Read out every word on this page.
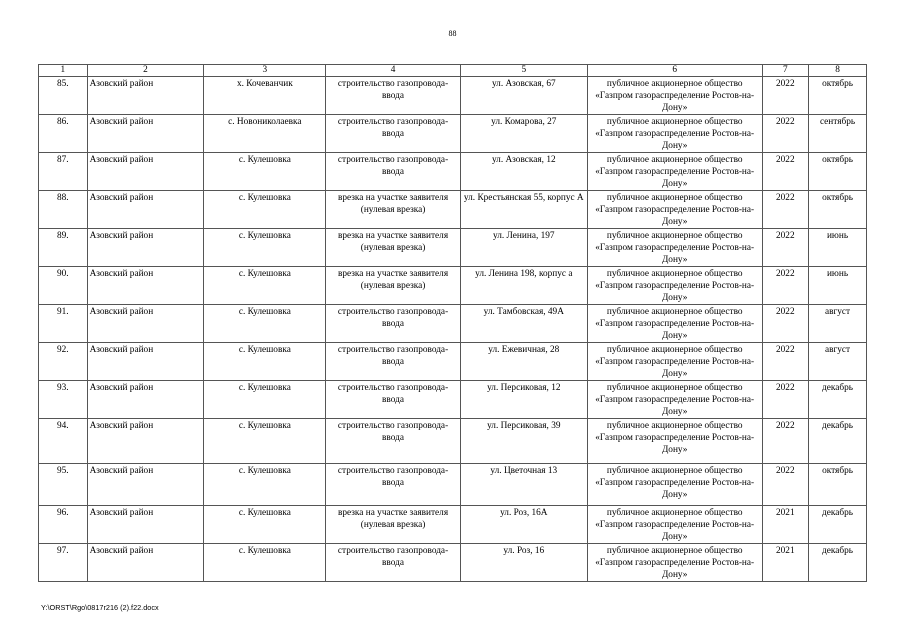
88
1	2	3	4	5	6	7	8
85.	Азовский район	х. Кочеванчик	строительство газопровода-ввода	ул. Азовская, 67	публичное акционерное общество «Газпром газораспределение Ростов-на-Дону»	2022	октябрь
86.	Азовский район	с. Новониколаевка	строительство газопровода-ввода	ул. Комарова, 27	публичное акционерное общество «Газпром газораспределение Ростов-на-Дону»	2022	сентябрь
87.	Азовский район	с. Кулешовка	строительство газопровода-ввода	ул. Азовская, 12	публичное акционерное общество «Газпром газораспределение Ростов-на-Дону»	2022	октябрь
88.	Азовский район	с. Кулешовка	врезка на участке заявителя (нулевая врезка)	ул. Крестьянская 55, корпус А	публичное акционерное общество «Газпром газораспределение Ростов-на-Дону»	2022	октябрь
89.	Азовский район	с. Кулешовка	врезка на участке заявителя (нулевая врезка)	ул. Ленина, 197	публичное акционерное общество «Газпром газораспределение Ростов-на-Дону»	2022	июнь
90.	Азовский район	с. Кулешовка	врезка на участке заявителя (нулевая врезка)	ул. Ленина 198, корпус а	публичное акционерное общество «Газпром газораспределение Ростов-на-Дону»	2022	июнь
91.	Азовский район	с. Кулешовка	строительство газопровода-ввода	ул. Тамбовская, 49А	публичное акционерное общество «Газпром газораспределение Ростов-на-Дону»	2022	август
92.	Азовский район	с. Кулешовка	строительство газопровода-ввода	ул. Ежевичная, 28	публичное акционерное общество «Газпром газораспределение Ростов-на-Дону»	2022	август
93.	Азовский район	с. Кулешовка	строительство газопровода-ввода	ул. Персиковая, 12	публичное акционерное общество «Газпром газораспределение Ростов-на-Дону»	2022	декабрь
94.	Азовский район	с. Кулешовка	строительство газопровода-ввода	ул. Персиковая, 39	публичное акционерное общество «Газпром газораспределение Ростов-на-Дону»	2022	декабрь
95.	Азовский район	с. Кулешовка	строительство газопровода-ввода	ул. Цветочная 13	публичное акционерное общество «Газпром газораспределение Ростов-на-Дону»	2022	октябрь
96.	Азовский район	с. Кулешовка	врезка на участке заявителя (нулевая врезка)	ул. Роз, 16А	публичное акционерное общество «Газпром газораспределение Ростов-на-Дону»	2021	декабрь
97.	Азовский район	с. Кулешовка	строительство газопровода-ввода	ул. Роз, 16	публичное акционерное общество «Газпром газораспределение Ростов-на-Дону»	2021	декабрь
Y:\ORST\Rgo\0817r216 (2).f22.docx
